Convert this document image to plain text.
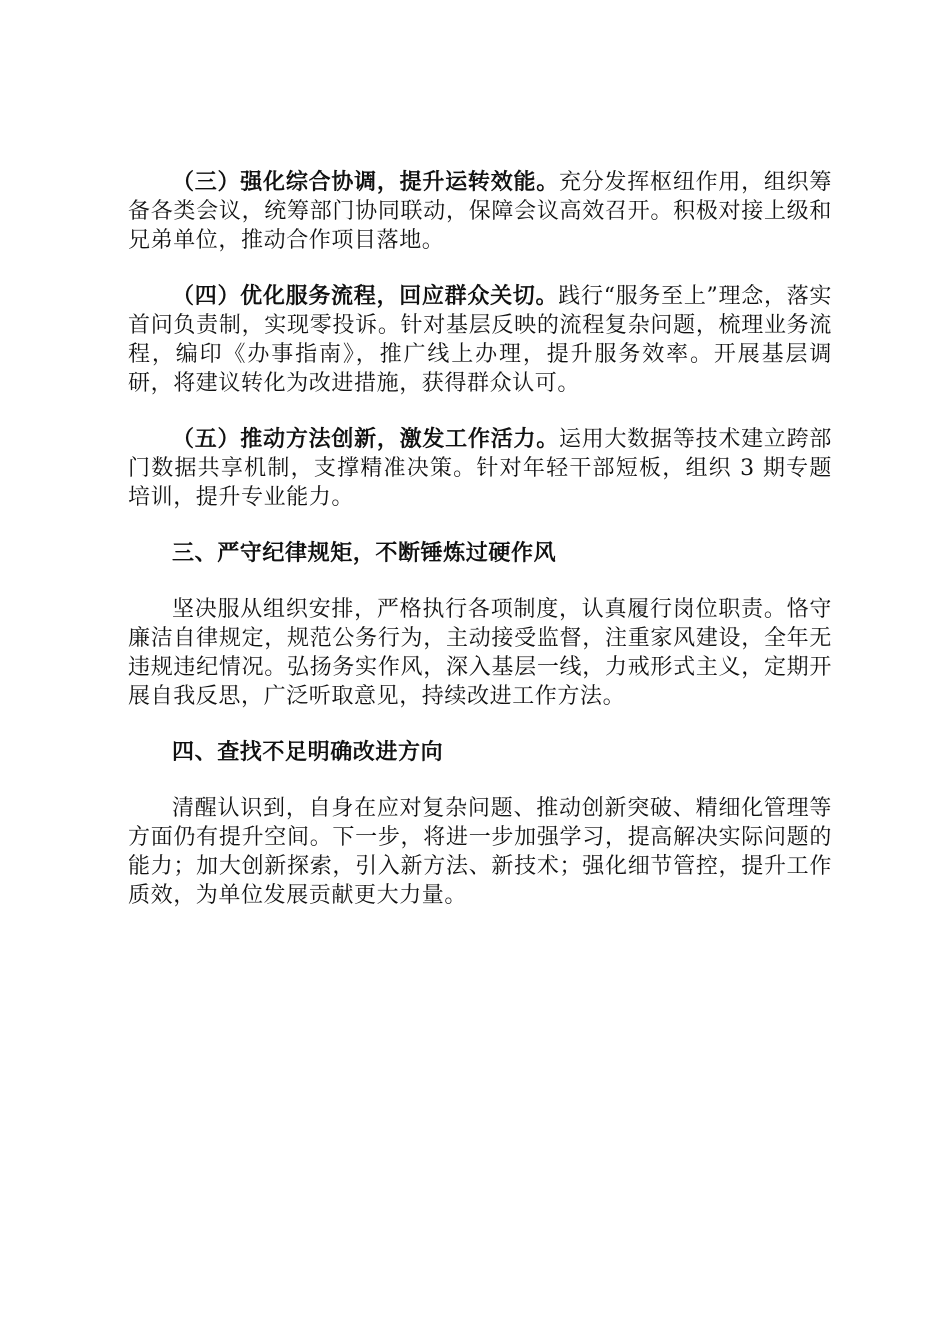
（三）强化综合协调，提升运转效能。充分发挥枢纽作用，组织筹备各类会议，统筹部门协同联动，保障会议高效召开。积极对接上级和兄弟单位，推动合作项目落地。

（四）优化服务流程，回应群众关切。践行“服务至上”理念，落实首问负责制，实现零投诉。针对基层反映的流程复杂问题，梳理业务流程，编印《办事指南》，推广线上办理，提升服务效率。开展基层调研，将建议转化为改进措施，获得群众认可。

（五）推动方法创新，激发工作活力。运用大数据等技术建立跨部门数据共享机制，支撑精准决策。针对年轻干部短板，组织 3 期专题培训，提升专业能力。

三、严守纪律规矩，不断锤炼过硬作风

坚决服从组织安排，严格执行各项制度，认真履行岗位职责。恪守廉洁自律规定，规范公务行为，主动接受监督，注重家风建设，全年无违规违纪情况。弘扬务实作风，深入基层一线，力戒形式主义，定期开展自我反思，广泛听取意见，持续改进工作方法。

四、查找不足明确改进方向

清醒认识到，自身在应对复杂问题、推动创新突破、精细化管理等方面仍有提升空间。下一步，将进一步加强学习，提高解决实际问题的能力；加大创新探索，引入新方法、新技术；强化细节管控，提升工作质效，为单位发展贡献更大力量。
